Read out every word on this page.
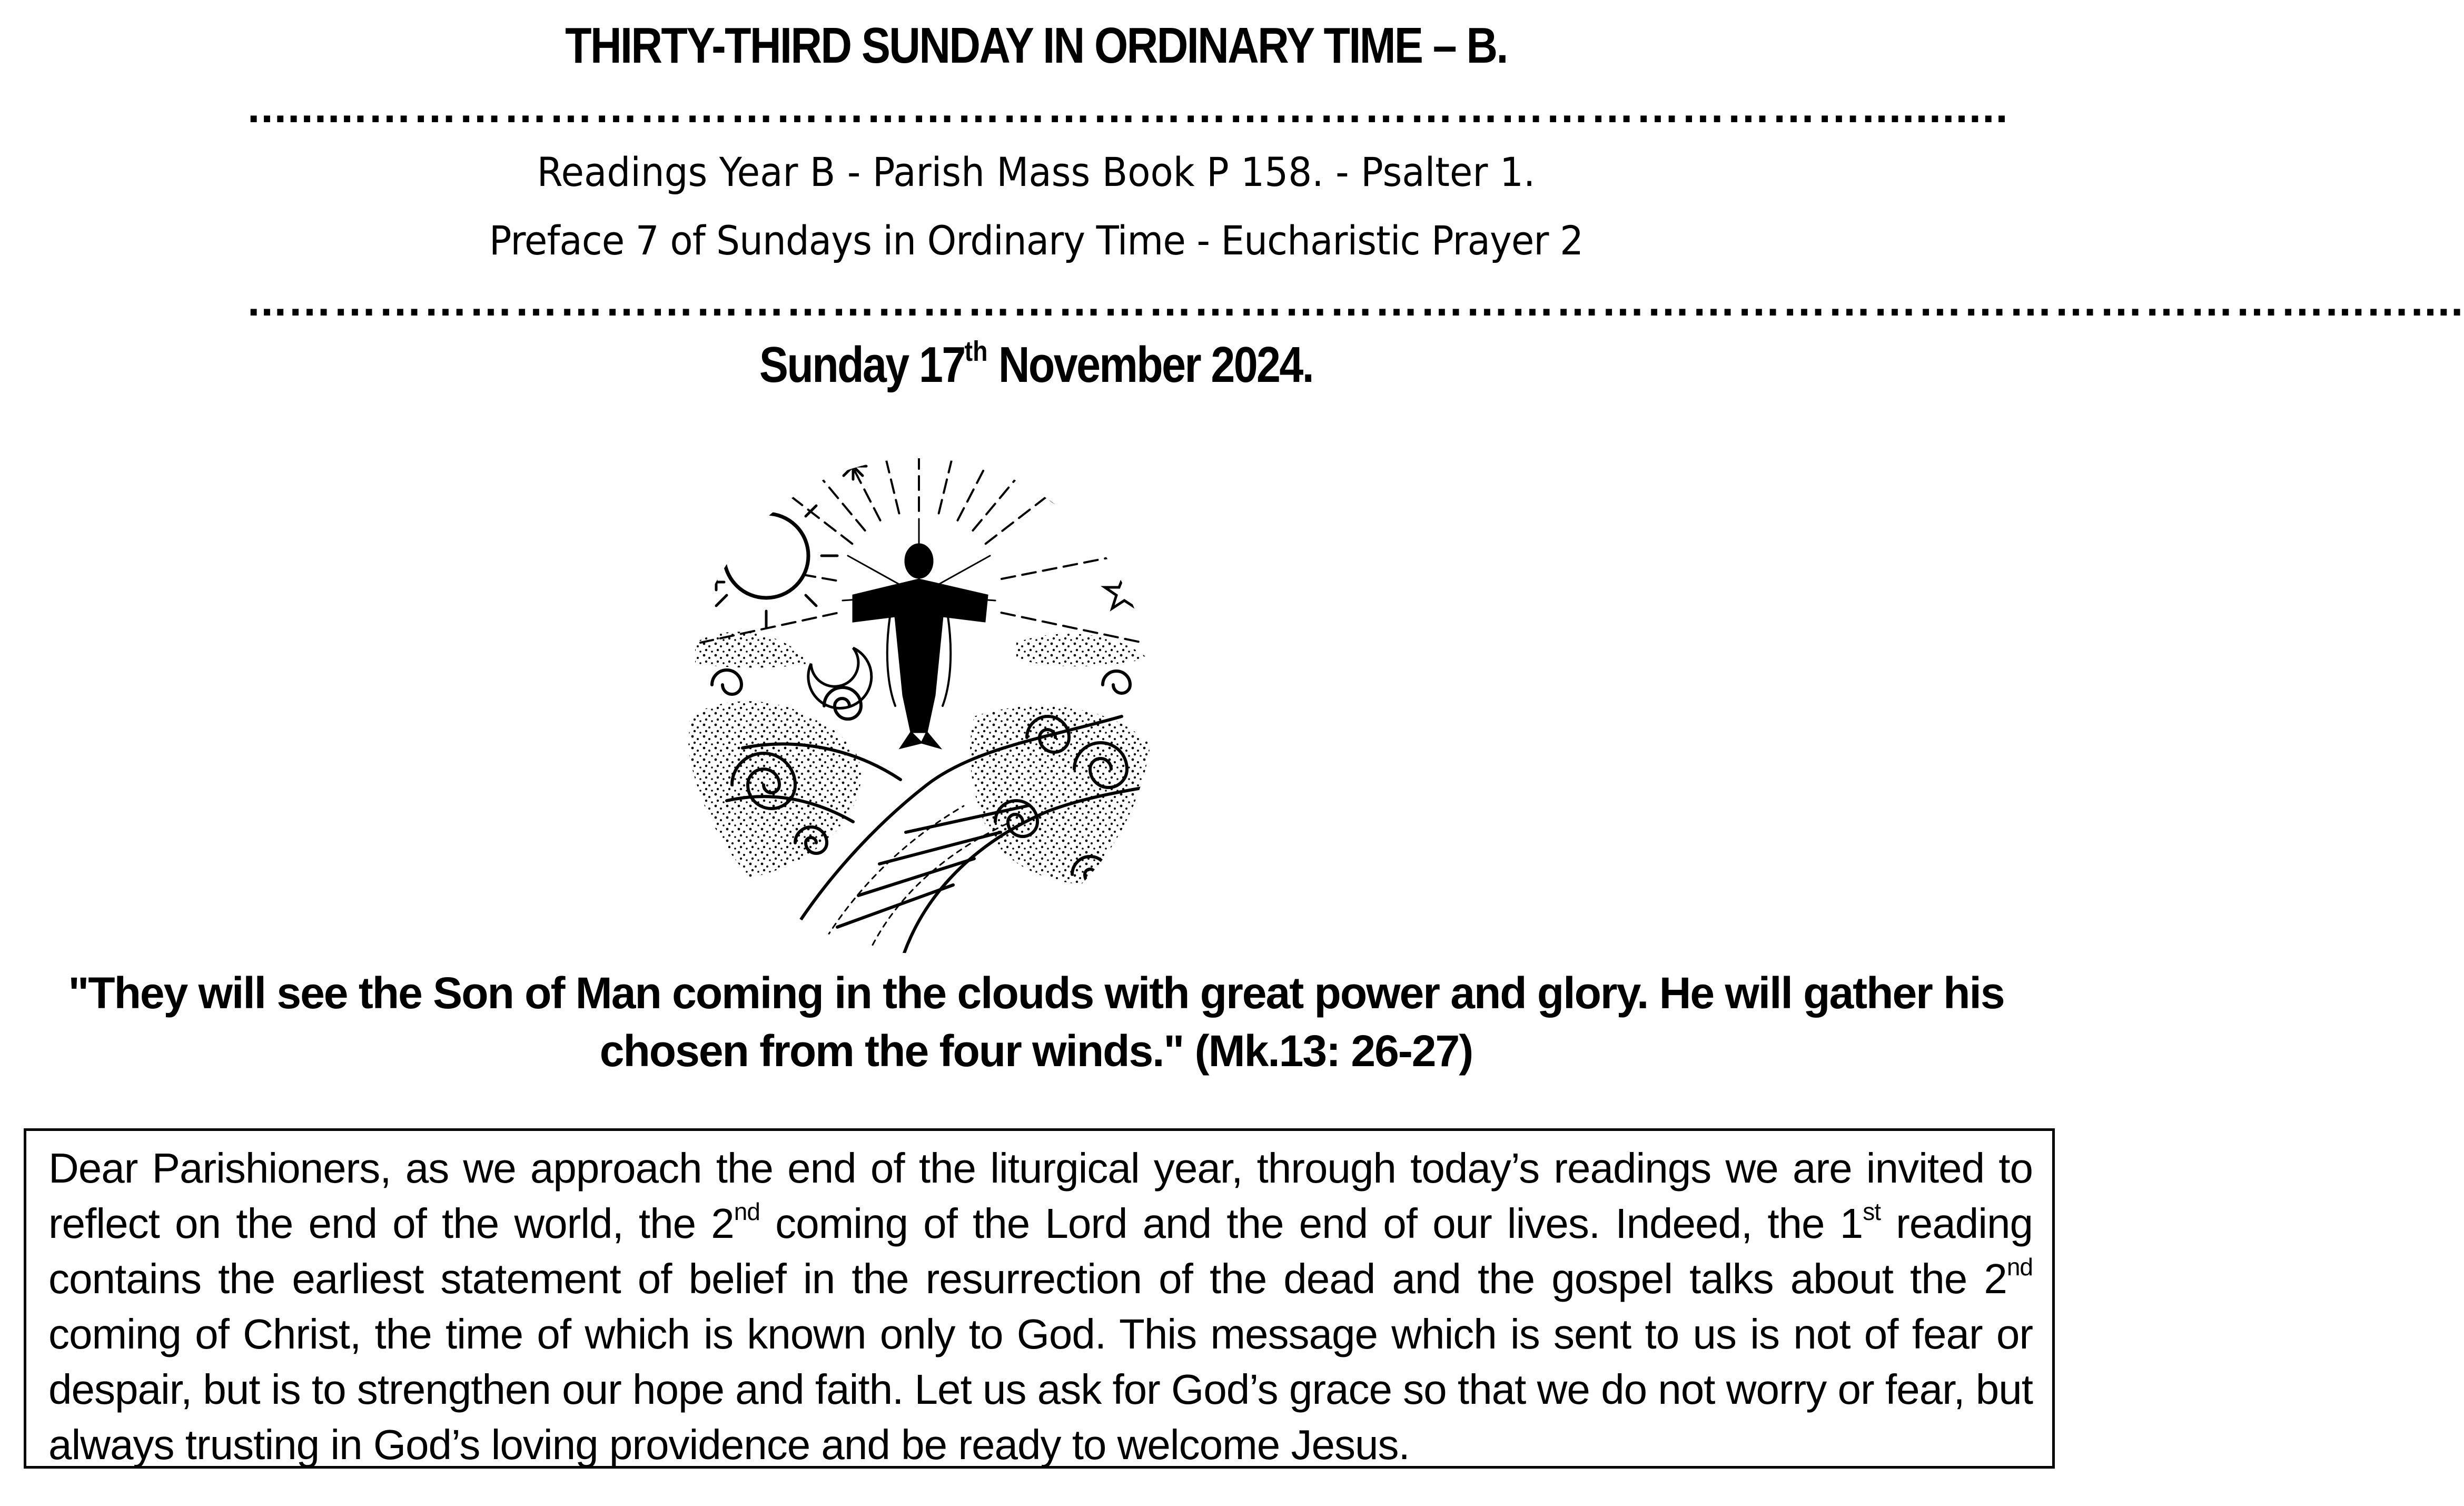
THIRTY-THIRD SUNDAY IN ORDINARY TIME – B.
.........………………………………………………………………………………………...........
Readings Year B - Parish Mass Book P 158. - Psalter 1.
Preface 7 of Sundays in Ordinary Time - Eucharistic Prayer 2
...………………………………………………………………………………………………………………………...…....
Sunday 17th November 2024.
"They will see the Son of Man coming in the clouds with great power and glory. He will gather his chosen from the four winds." (Mk.13: 26-27)

Dear Parishioners, as we approach the end of the liturgical year, through today’s readings we are invited to reflect on the end of the world, the 2nd coming of the Lord and the end of our lives. Indeed, the 1st reading contains the earliest statement of belief in the resurrection of the dead and the gospel talks about the 2nd coming of Christ, the time of which is known only to God. This message which is sent to us is not of fear or despair, but is to strengthen our hope and faith. Let us ask for God’s grace so that we do not worry or fear, but always trusting in God’s loving providence and be ready to welcome Jesus.
